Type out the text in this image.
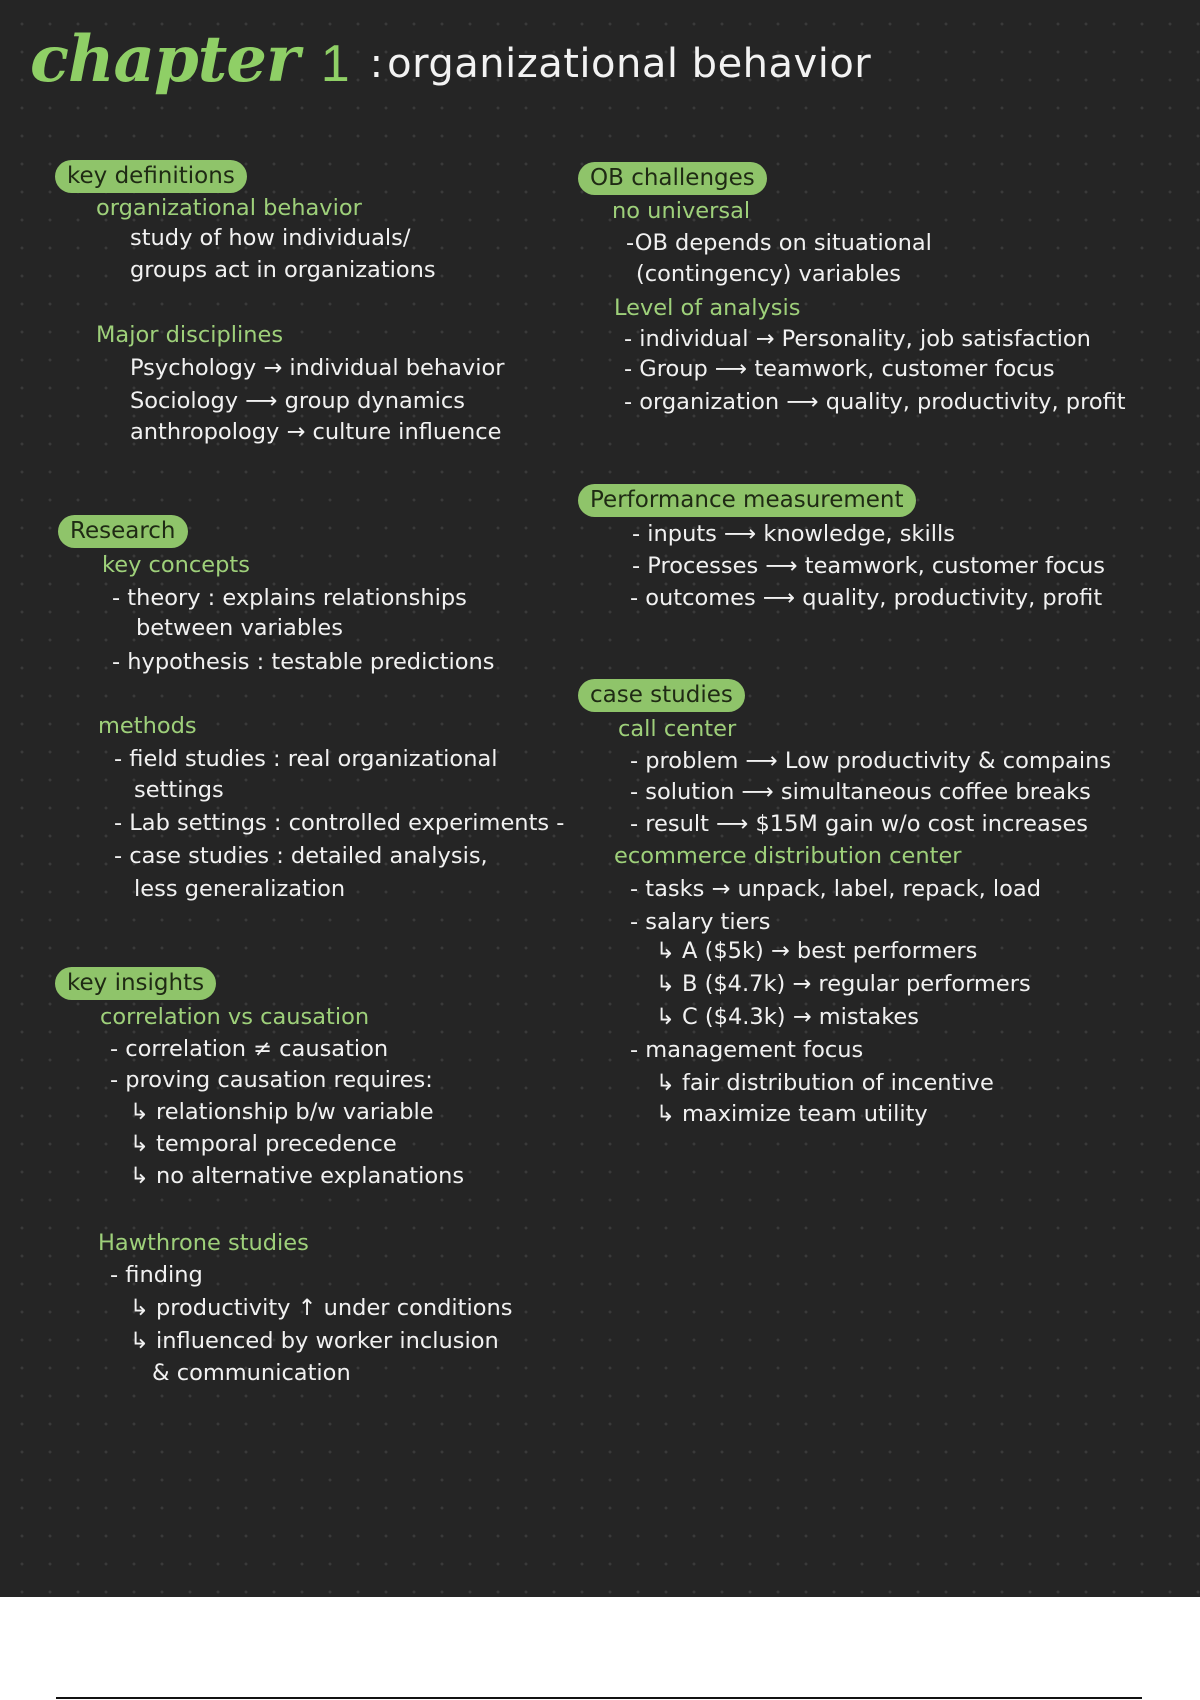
chapter 1 : organizational behavior
key definitions
organizational behavior
study of how individuals/
groups act in organizations
Major disciplines
Psychology → individual behavior
Sociology ⟶ group dynamics
anthropology → culture influence
Research
key concepts
- theory : explains relationships
between variables
- hypothesis : testable predictions
methods
- field studies : real organizational
settings
- Lab settings : controlled experiments -
- case studies : detailed analysis,
less generalization
key insights
correlation vs causation
- correlation ≠ causation
- proving causation requires:
↳ relationship b/w variable
↳ temporal precedence
↳ no alternative explanations
Hawthrone studies
- finding
↳ productivity ↑ under conditions
↳ influenced by worker inclusion
& communication
OB challenges
no universal
-OB depends on situational
(contingency) variables
Level of analysis
- individual → Personality, job satisfaction
- Group ⟶ teamwork, customer focus
- organization ⟶ quality, productivity, profit
Performance measurement
- inputs ⟶ knowledge, skills
- Processes ⟶ teamwork, customer focus
- outcomes ⟶ quality, productivity, profit
case studies
call center
- problem ⟶ Low productivity & compains
- solution ⟶ simultaneous coffee breaks
- result ⟶ $15M gain w/o cost increases
ecommerce distribution center
- tasks → unpack, label, repack, load
- salary tiers
↳ A ($5k) → best performers
↳ B ($4.7k) → regular performers
↳ C ($4.3k) → mistakes
- management focus
↳ fair distribution of incentive
↳ maximize team utility
